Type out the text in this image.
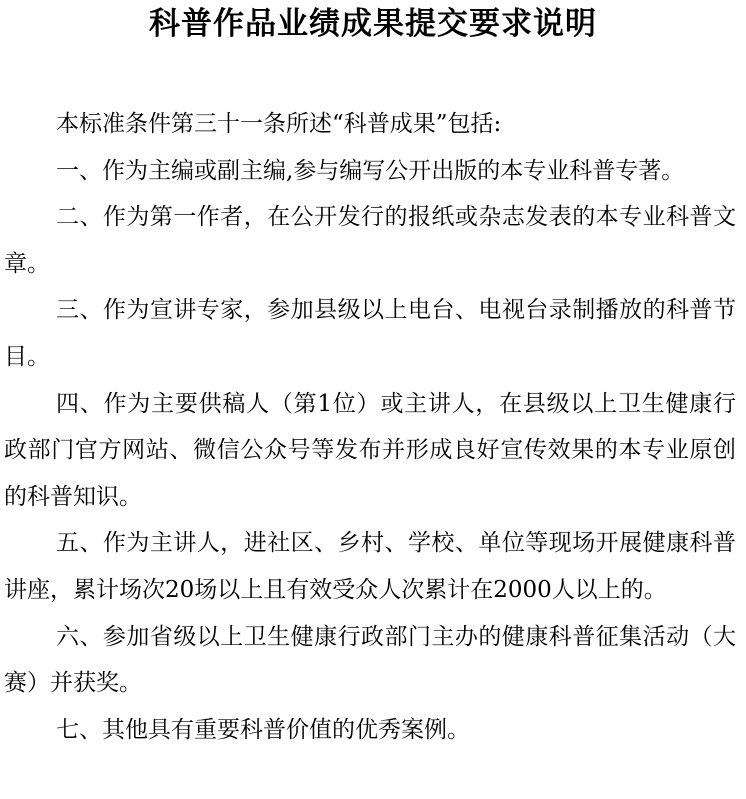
科普作品业绩成果提交要求说明

本标准条件第三十一条所述“科普成果”包括:

一、作为主编或副主编,参与编写公开出版的本专业科普专著。

二、作为第一作者，在公开发行的报纸或杂志发表的本专业科普文章。

三、作为宣讲专家，参加县级以上电台、电视台录制播放的科普节目。

四、作为主要供稿人（第1位）或主讲人，在县级以上卫生健康行政部门官方网站、微信公众号等发布并形成良好宣传效果的本专业原创的科普知识。

五、作为主讲人，进社区、乡村、学校、单位等现场开展健康科普讲座，累计场次20场以上且有效受众人次累计在2000人以上的。

六、参加省级以上卫生健康行政部门主办的健康科普征集活动（大赛）并获奖。

七、其他具有重要科普价值的优秀案例。
